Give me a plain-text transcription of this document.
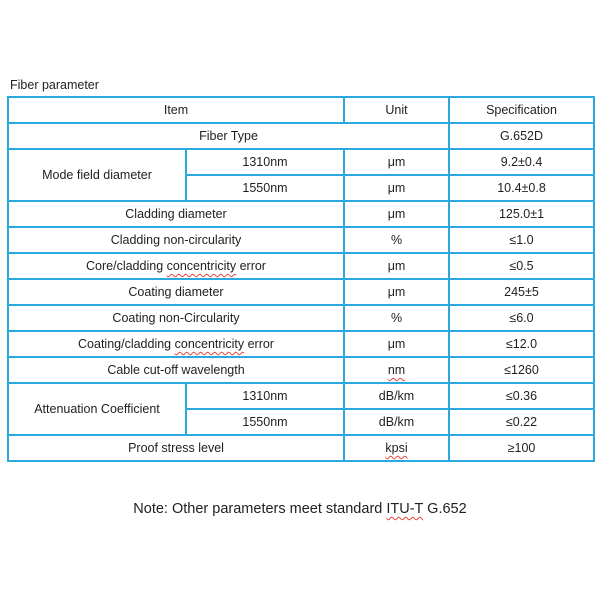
Fiber parameter
Item		Unit	Specification
Fiber Type			G.652D
Mode field diameter	1310nm	μm	9.2±0.4
	1550nm	μm	10.4±0.8
Cladding diameter		μm	125.0±1
Cladding non-circularity		%	≤1.0
Core/cladding concentricity error		μm	≤0.5
Coating diameter		μm	245±5
Coating non-Circularity		%	≤6.0
Coating/cladding concentricity error		μm	≤12.0
Cable cut-off wavelength		nm	≤1260
Attenuation Coefficient	1310nm	dB/km	≤0.36
	1550nm	dB/km	≤0.22
Proof stress level		kpsi	≥100
Note: Other parameters meet standard ITU-T G.652
